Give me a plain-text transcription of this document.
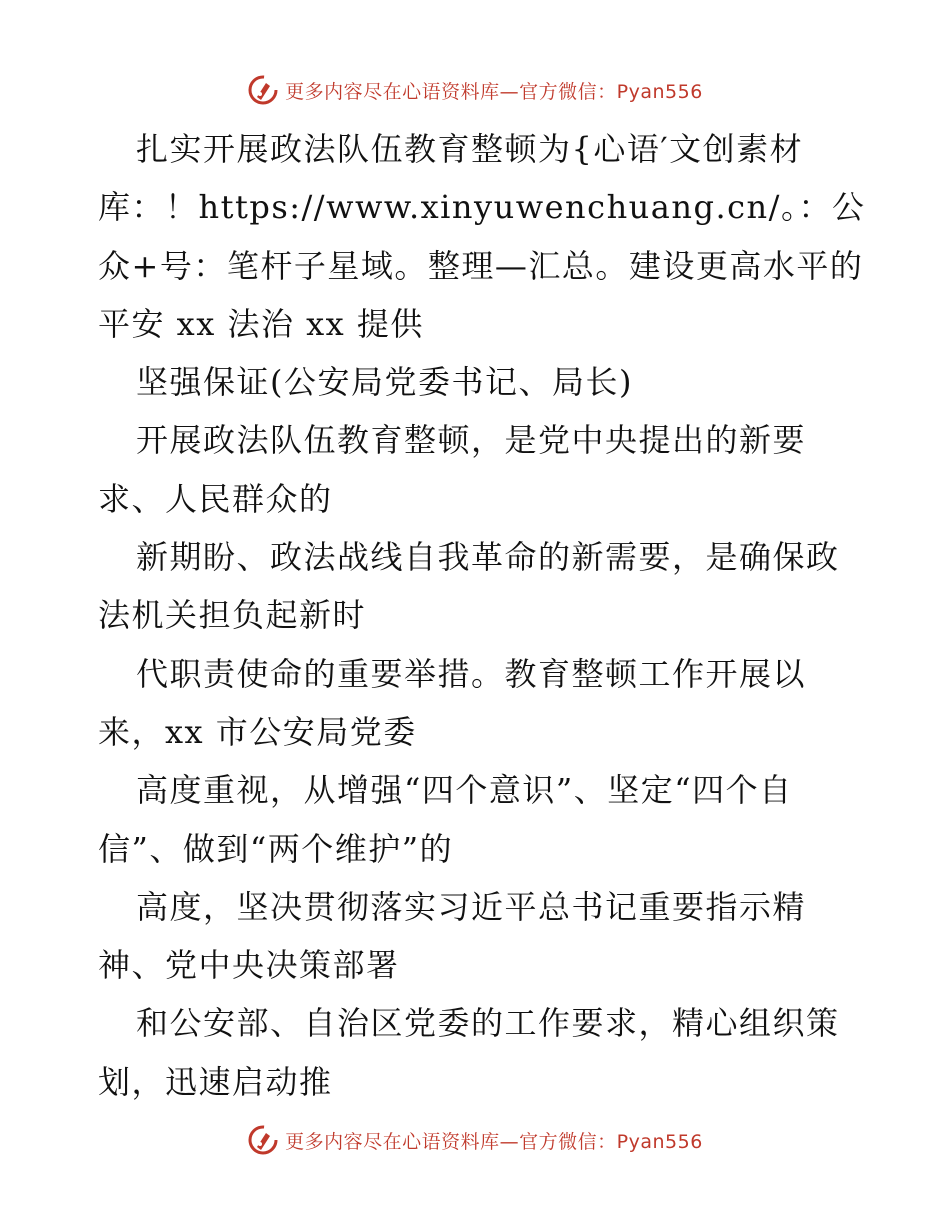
更多内容尽在心语资料库—官方微信：Pyan556

扎实开展政法队伍教育整顿为{心语′文创素材库：！https://www.xinyuwenchuang.cn/。：公众+号：笔杆子星域。整理—汇总。建设更高水平的平安 xx 法治 xx 提供

坚强保证(公安局党委书记、局长)

开展政法队伍教育整顿，是党中央提出的新要求、人民群众的

新期盼、政法战线自我革命的新需要，是确保政法机关担负起新时

代职责使命的重要举措。教育整顿工作开展以来，xx 市公安局党委

高度重视，从增强“四个意识”、坚定“四个自信”、做到“两个维护”的

高度，坚决贯彻落实习近平总书记重要指示精神、党中央决策部署

和公安部、自治区党委的工作要求，精心组织策划，迅速启动推

更多内容尽在心语资料库—官方微信：Pyan556
